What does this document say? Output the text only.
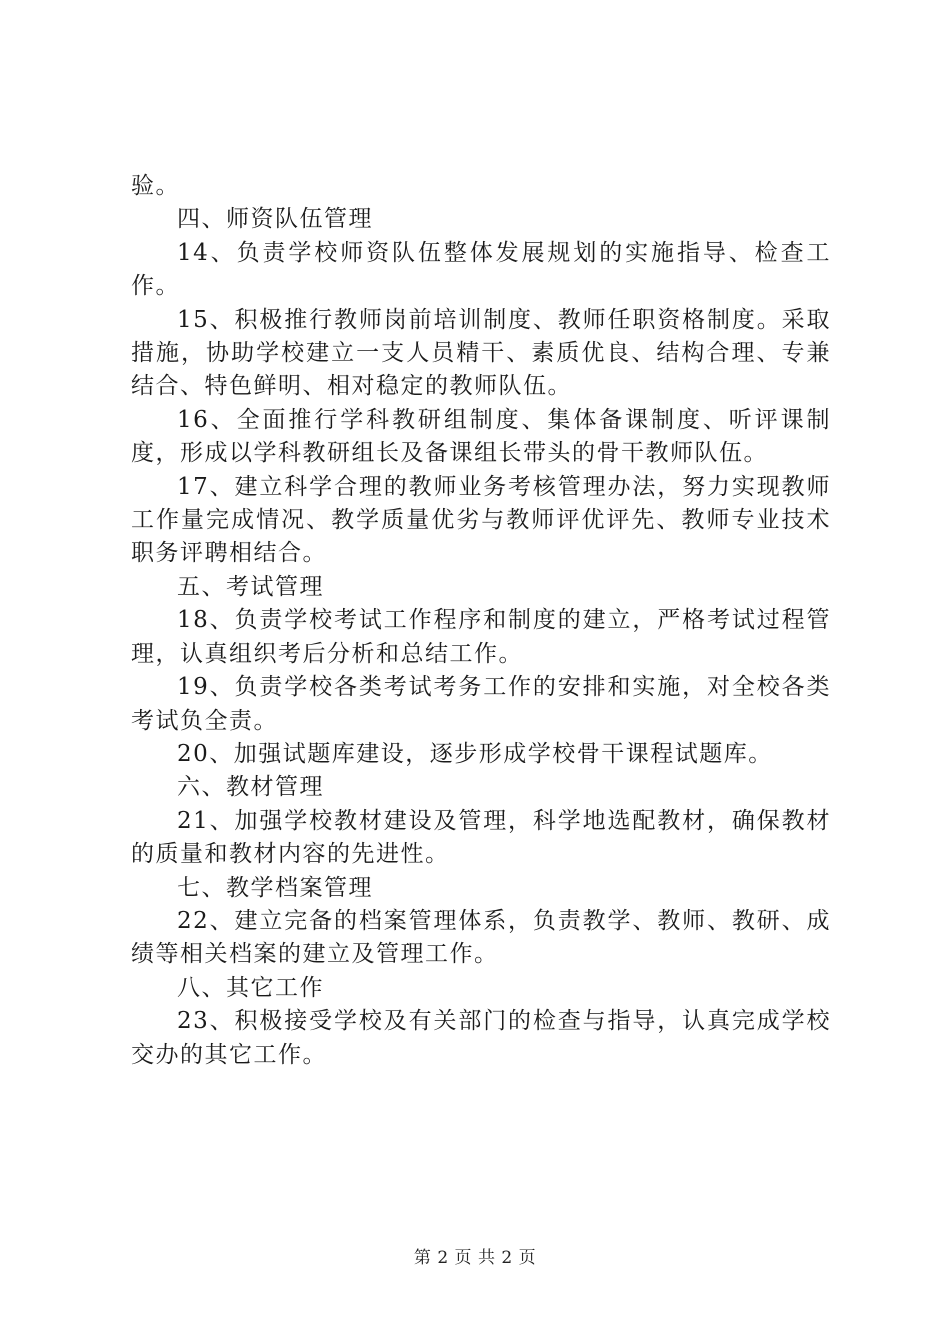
验。

四、师资队伍管理

14、负责学校师资队伍整体发展规划的实施指导、检查工作。

15、积极推行教师岗前培训制度、教师任职资格制度。采取措施，协助学校建立一支人员精干、素质优良、结构合理、专兼结合、特色鲜明、相对稳定的教师队伍。

16、全面推行学科教研组制度、集体备课制度、听评课制度，形成以学科教研组长及备课组长带头的骨干教师队伍。

17、建立科学合理的教师业务考核管理办法，努力实现教师工作量完成情况、教学质量优劣与教师评优评先、教师专业技术职务评聘相结合。

五、考试管理

18、负责学校考试工作程序和制度的建立，严格考试过程管理，认真组织考后分析和总结工作。

19、负责学校各类考试考务工作的安排和实施，对全校各类考试负全责。

20、加强试题库建设，逐步形成学校骨干课程试题库。

六、教材管理

21、加强学校教材建设及管理，科学地选配教材，确保教材的质量和教材内容的先进性。

七、教学档案管理

22、建立完备的档案管理体系，负责教学、教师、教研、成绩等相关档案的建立及管理工作。

八、其它工作

23、积极接受学校及有关部门的检查与指导，认真完成学校交办的其它工作。

第 2 页 共 2 页
